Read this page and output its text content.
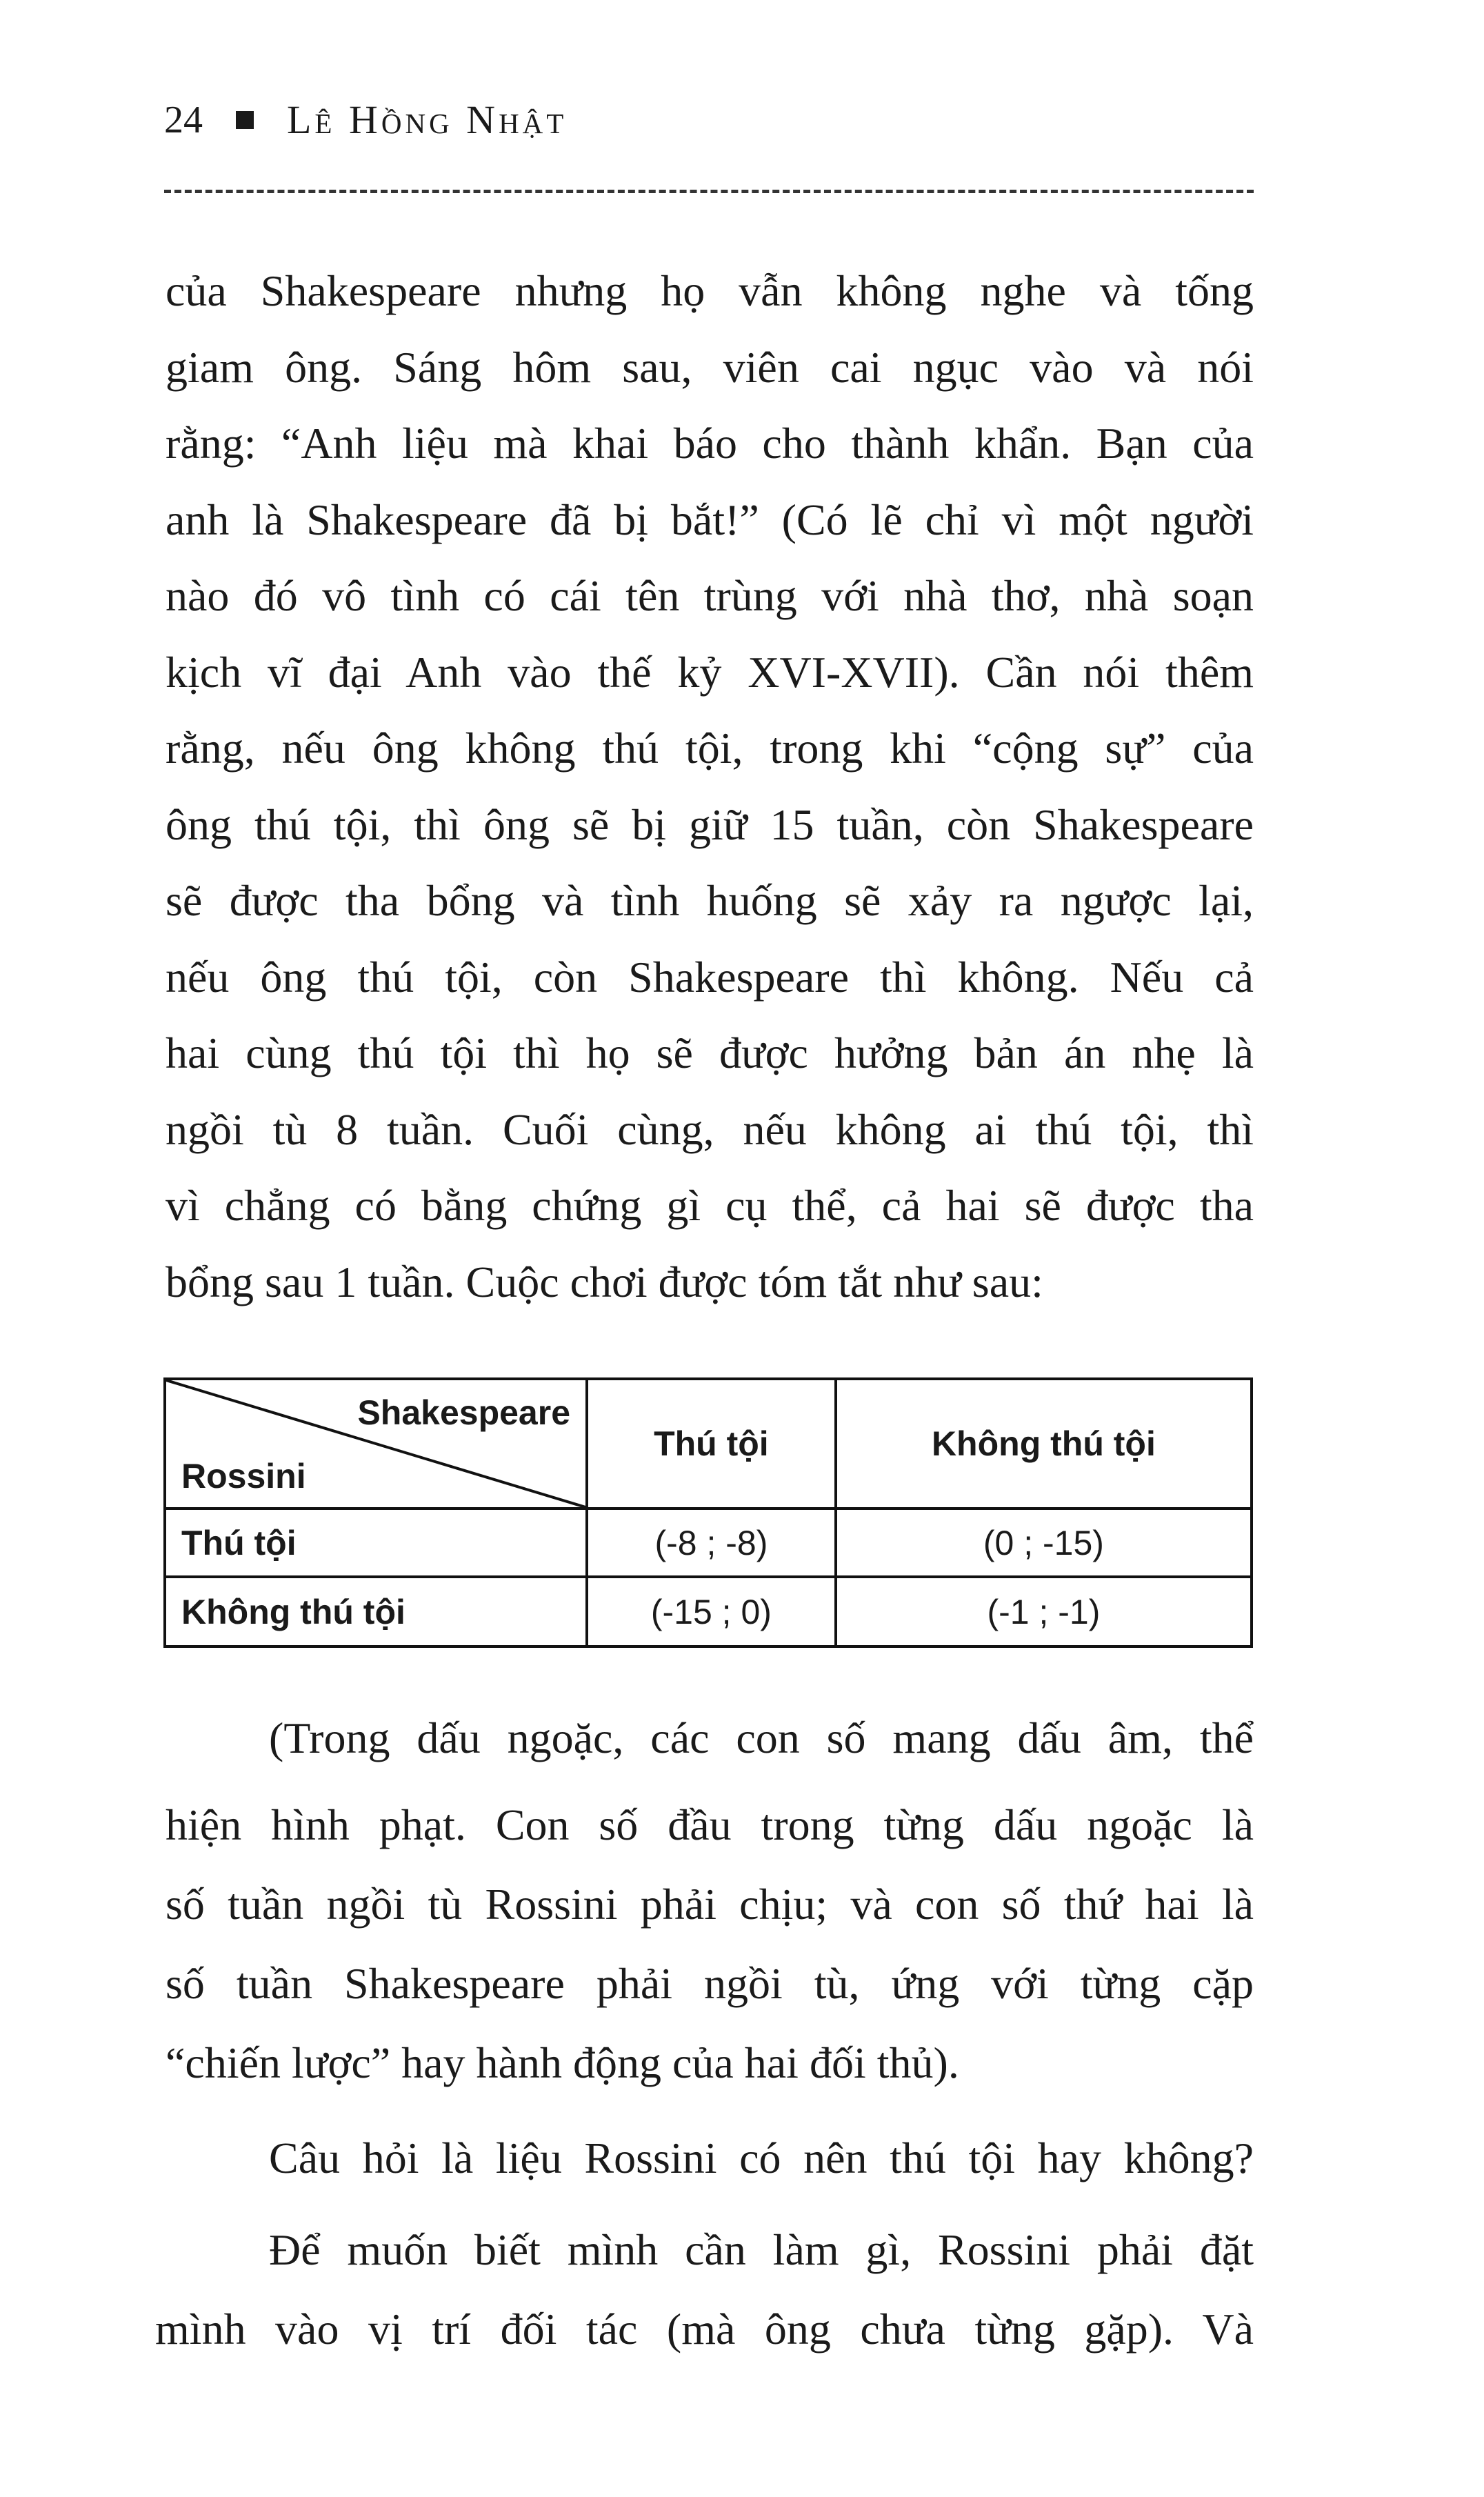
24 Lê Hồng Nhật
của Shakespeare nhưng họ vẫn không nghe và tống
giam ông. Sáng hôm sau, viên cai ngục vào và nói
rằng: “Anh liệu mà khai báo cho thành khẩn. Bạn của
anh là Shakespeare đã bị bắt!” (Có lẽ chỉ vì một người
nào đó vô tình có cái tên trùng với nhà thơ, nhà soạn
kịch vĩ đại Anh vào thế kỷ XVI-XVII). Cần nói thêm
rằng, nếu ông không thú tội, trong khi “cộng sự” của
ông thú tội, thì ông sẽ bị giữ 15 tuần, còn Shakespeare
sẽ được tha bổng và tình huống sẽ xảy ra ngược lại,
nếu ông thú tội, còn Shakespeare thì không. Nếu cả
hai cùng thú tội thì họ sẽ được hưởng bản án nhẹ là
ngồi tù 8 tuần. Cuối cùng, nếu không ai thú tội, thì
vì chẳng có bằng chứng gì cụ thể, cả hai sẽ được tha
bổng sau 1 tuần. Cuộc chơi được tóm tắt như sau:
Shakespeare
Rossini	Thú tội	Không thú tội
Thú tội	(-8 ; -8)	(0 ; -15)
Không thú tội	(-15 ; 0)	(-1 ; -1)
(Trong dấu ngoặc, các con số mang dấu âm, thể
hiện hình phạt. Con số đầu trong từng dấu ngoặc là
số tuần ngồi tù Rossini phải chịu; và con số thứ hai là
số tuần Shakespeare phải ngồi tù, ứng với từng cặp
“chiến lược” hay hành động của hai đối thủ).
Câu hỏi là liệu Rossini có nên thú tội hay không?
Để muốn biết mình cần làm gì, Rossini phải đặt
mình vào vị trí đối tác (mà ông chưa từng gặp). Và
